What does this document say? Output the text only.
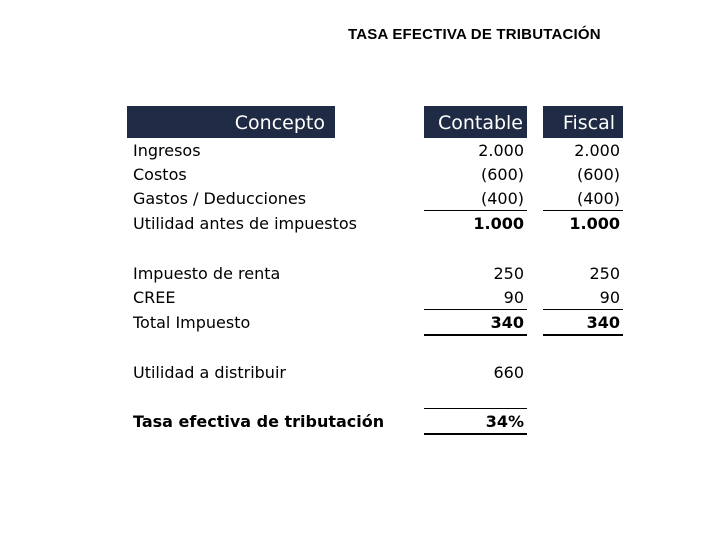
TASA EFECTIVA DE TRIBUTACIÓN
Concepto	Contable	Fiscal
Ingresos	2.000	2.000
Costos	(600)	(600)
Gastos / Deducciones	(400)	(400)
Utilidad antes de impuestos	1.000	1.000
Impuesto de renta	250	250
CREE	90	90
Total Impuesto	340	340
Utilidad a distribuir	660
Tasa efectiva de tributación	34%
